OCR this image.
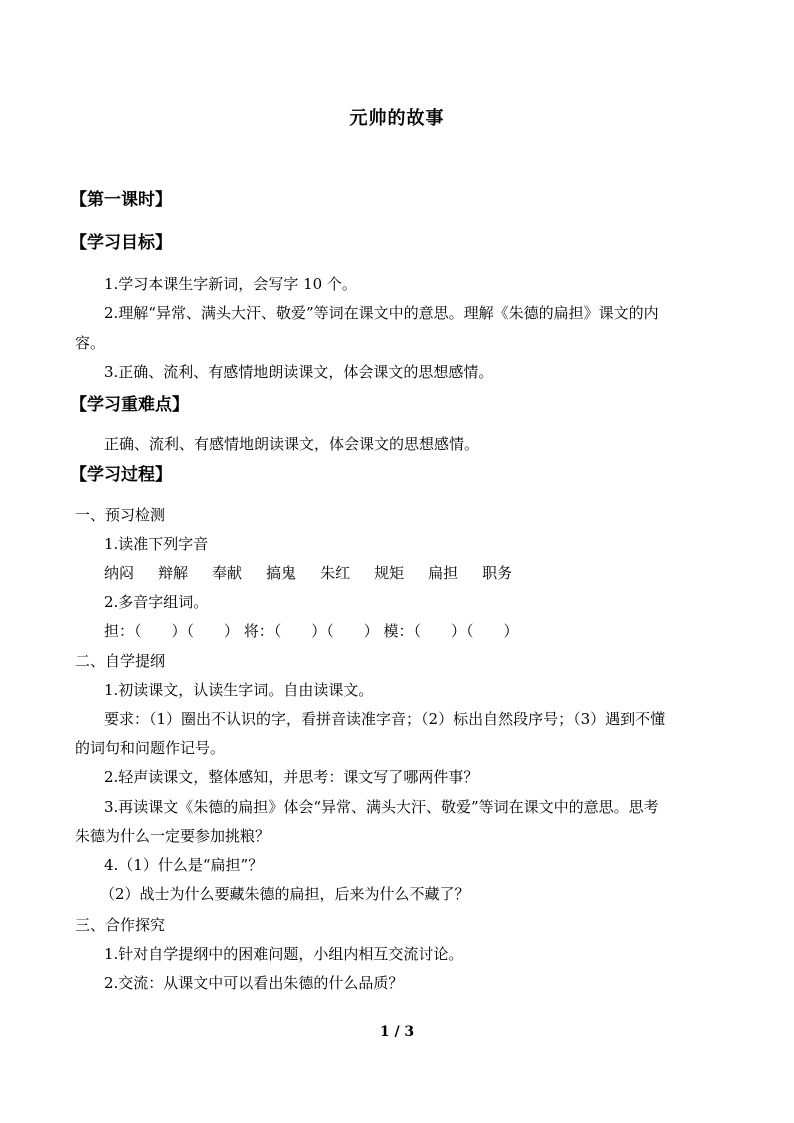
元帅的故事
【第一课时】
【学习目标】
1.学习本课生字新词，会写字 10 个。
2.理解“异常、满头大汗、敬爱”等词在课文中的意思。理解《朱德的扁担》课文的内
容。
3.正确、流利、有感情地朗读课文，体会课文的思想感情。
【学习重难点】
正确、流利、有感情地朗读课文，体会课文的思想感情。
【学习过程】
一、预习检测
1.读准下列字音
纳闷 辩解 奉献 搞鬼 朱红 规矩 扁担 职务
2.多音字组词。
担：（　　）（　　） 将：（　　）（　　） 模：（　　）（　　）
二、自学提纲
1.初读课文，认读生字词。自由读课文。
要求：（1）圈出不认识的字，看拼音读准字音；（2）标出自然段序号；（3）遇到不懂
的词句和问题作记号。
2.轻声读课文，整体感知，并思考：课文写了哪两件事？
3.再读课文《朱德的扁担》体会“异常、满头大汗、敬爱”等词在课文中的意思。思考
朱德为什么一定要参加挑粮？
4.（1）什么是“扁担”？
（2）战士为什么要藏朱德的扁担，后来为什么不藏了？
三、合作探究
1.针对自学提纲中的困难问题，小组内相互交流讨论。
2.交流：从课文中可以看出朱德的什么品质？
1 / 3
